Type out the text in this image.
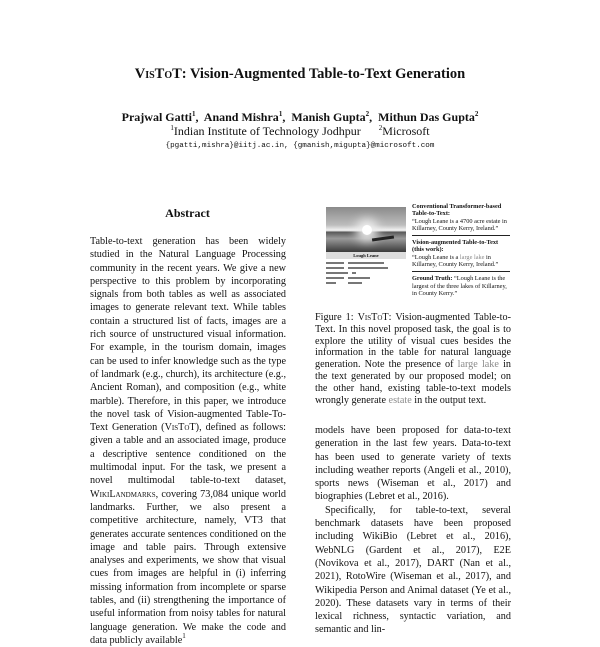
VisToT: Vision-Augmented Table-to-Text Generation
Prajwal Gatti$^1$,  Anand Mishra$^1$,  Manish Gupta$^2$,  Mithun Das Gupta$^2$
$^1$Indian Institute of Technology Jodhpur	$^2$Microsoft
{pgatti,mishra}@iitj.ac.in, {gmanish,migupta}@microsoft.com
Abstract
Table-to-text generation has been widely studied in the Natural Language Processing community in the recent years. We give a new perspective to this problem by incorporating signals from both tables as well as associated images to generate relevant text. While tables contain a structured list of facts, images are a rich source of unstructured visual information. For example, in the tourism domain, images can be used to infer knowledge such as the type of landmark (e.g., church), its architecture (e.g., Ancient Roman), and composition (e.g., white marble). Therefore, in this paper, we introduce the novel task of Vision-augmented Table-To-Text Generation (VisToT), defined as follows: given a table and an associated image, produce a descriptive sentence conditioned on the multimodal input. For the task, we present a novel multimodal table-to-text dataset, WikiLandmarks, covering 73,084 unique world landmarks. Further, we also present a competitive architecture, namely, VT3 that generates accurate sentences conditioned on the image and table pairs. Through extensive analyses and experiments, we show that visual cues from images are helpful in (i) inferring missing information from incomplete or sparse tables, and (ii) strengthening the importance of useful information from noisy tables for natural language generation. We make the code and data publicly available$^1$
Lough Leane
Conventional Transformer-based Table-to-Text:
“Lough Leane is a 4700 acre estate in Killarney, County Kerry, Ireland.”
Vision-augmented Table-to-Text (this work):
“Lough Leane is a large lake in Killarney, County Kerry, Ireland.”
Ground Truth: “Lough Leane is the largest of the three lakes of Killarney, in County Kerry.”
Figure 1: VisToT: Vision-augmented Table-to-Text. In this novel proposed task, the goal is to explore the utility of visual cues besides the information in the table for natural language generation. Note the presence of large lake in the text generated by our proposed model; on the other hand, existing table-to-text models wrongly generate estate in the output text.

models have been proposed for data-to-text generation in the last few years. Data-to-text has been used to generate variety of texts including weather reports (Angeli et al., 2010), sports news (Wiseman et al., 2017) and biographies (Lebret et al., 2016).

Specifically, for table-to-text, several benchmark datasets have been proposed including WikiBio (Lebret et al., 2016), WebNLG (Gardent et al., 2017), E2E (Novikova et al., 2017), DART (Nan et al., 2021), RotoWire (Wiseman et al., 2017), and Wikipedia Person and Animal dataset (Ye et al., 2020). These datasets vary in terms of their lexical richness, syntactic variation, and semantic and lin-
